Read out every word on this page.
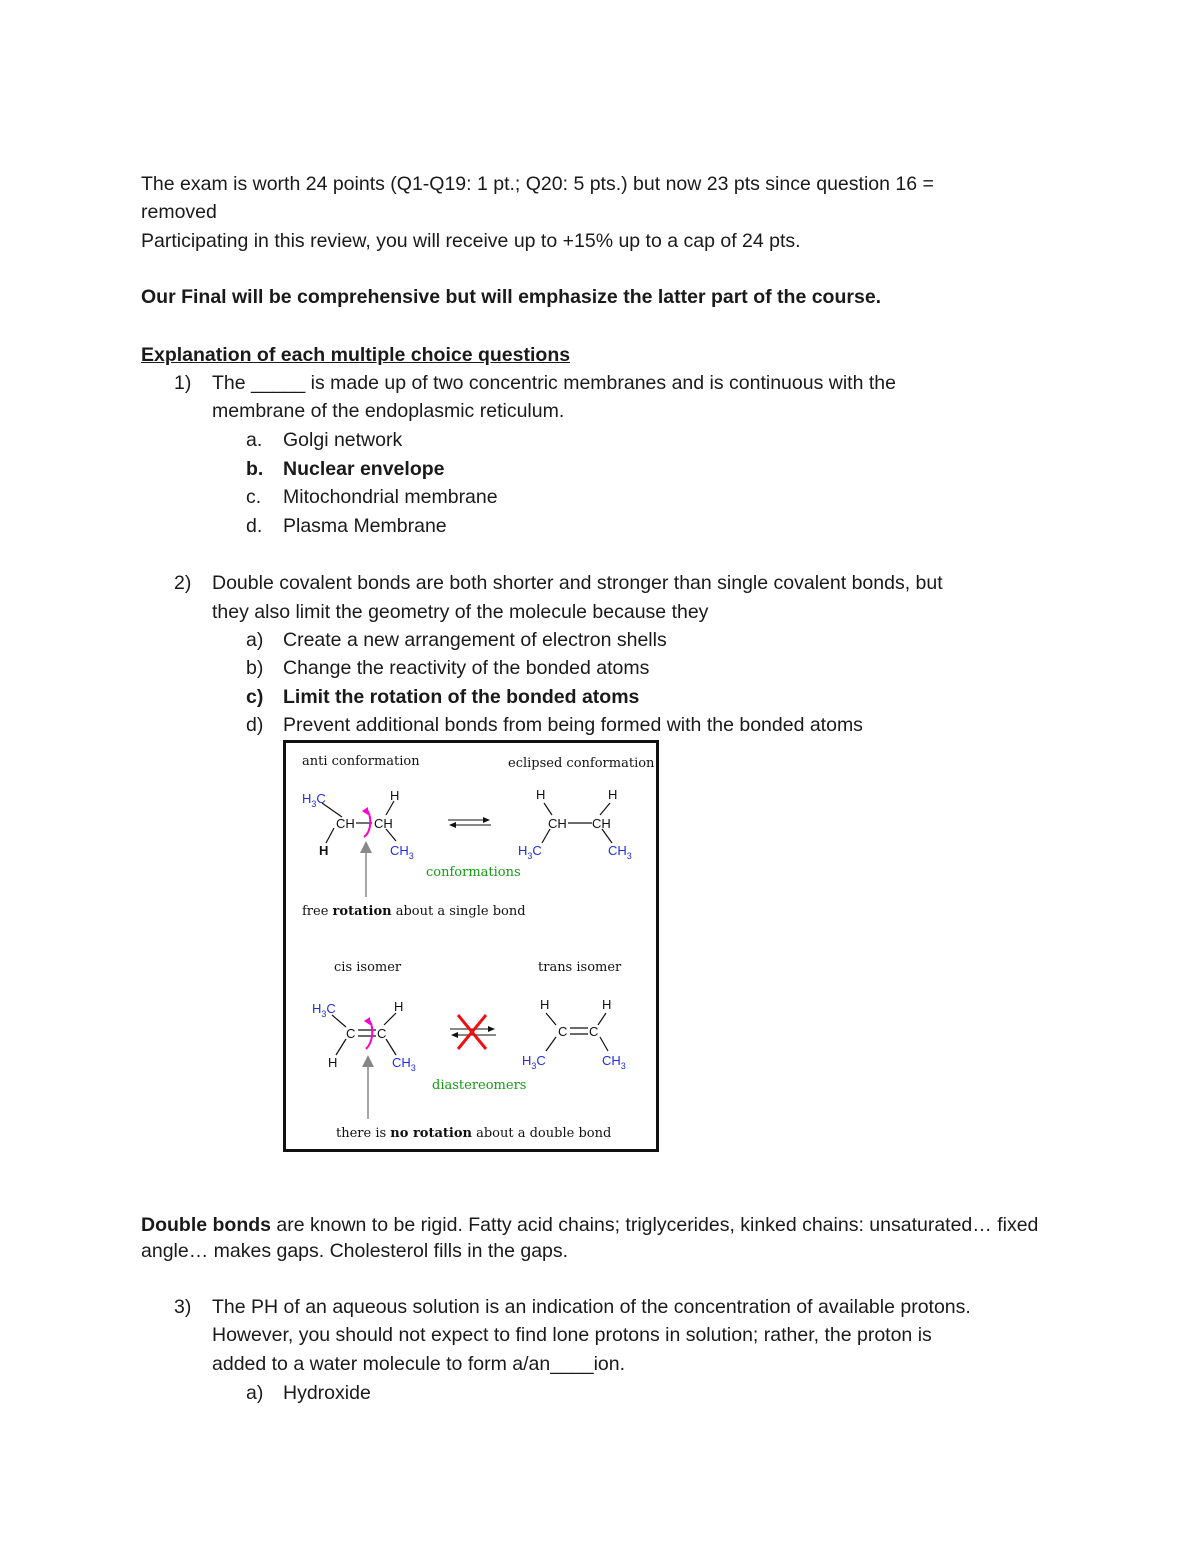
The exam is worth 24 points (Q1-Q19: 1 pt.; Q20: 5 pts.) but now 23 pts since question 16 =
removed
Participating in this review, you will receive up to +15% up to a cap of 24 pts.
Our Final will be comprehensive but will emphasize the latter part of the course.
Explanation of each multiple choice questions
1) The _____ is made up of two concentric membranes and is continuous with the
membrane of the endoplasmic reticulum.
a. Golgi network
b. Nuclear envelope
c. Mitochondrial membrane
d. Plasma Membrane
2) Double covalent bonds are both shorter and stronger than single covalent bonds, but
they also limit the geometry of the molecule because they
a) Create a new arrangement of electron shells
b) Change the reactivity of the bonded atoms
c) Limit the rotation of the bonded atoms
d) Prevent additional bonds from being formed with the bonded atoms
anti conformation	eclipsed conformation
$H_3C$	H
CH CH
H	$CH_3$
H	H
CH CH
$H_3C$	$CH_3$
conformations
free rotation about a single bond
cis isomer	trans isomer
$H_3C$	H
C C
H	$CH_3$
H	H
C C
$H_3C$	$CH_3$
diastereomers
there is no rotation about a double bond
Double bonds are known to be rigid. Fatty acid chains; triglycerides, kinked chains: unsaturated… fixed
angle… makes gaps. Cholesterol fills in the gaps.
3) The PH of an aqueous solution is an indication of the concentration of available protons.
However, you should not expect to find lone protons in solution; rather, the proton is
added to a water molecule to form a/an____ion.
a) Hydroxide
